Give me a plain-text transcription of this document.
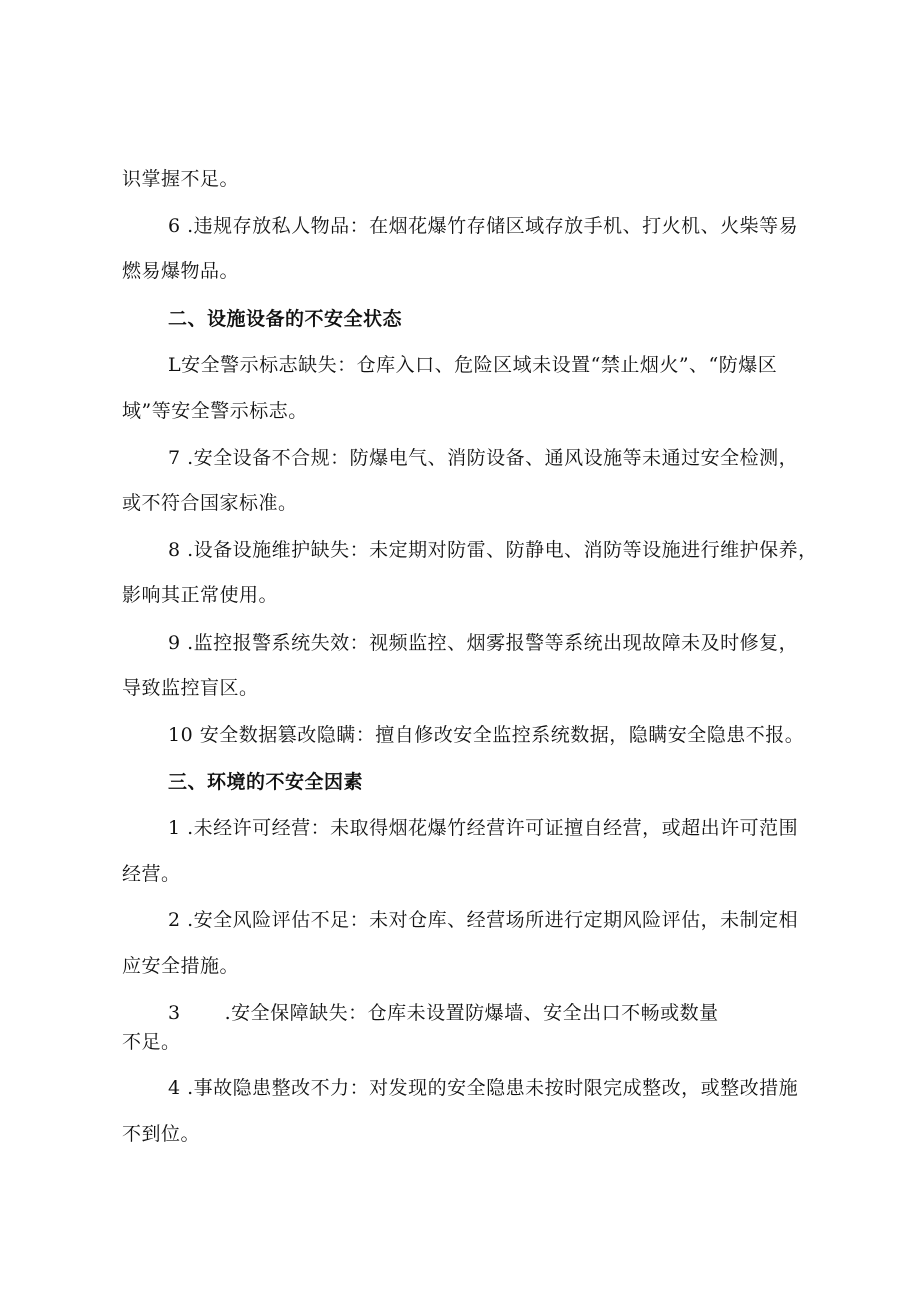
识掌握不足。
6 .违规存放私人物品：在烟花爆竹存储区域存放手机、打火机、火柴等易
燃易爆物品。
二、设施设备的不安全状态
L安全警示标志缺失：仓库入口、危险区域未设置“禁止烟火”、“防爆区
域”等安全警示标志。
7 .安全设备不合规：防爆电气、消防设备、通风设施等未通过安全检测，
或不符合国家标准。
8 .设备设施维护缺失：未定期对防雷、防静电、消防等设施进行维护保养，
影响其正常使用。
9 .监控报警系统失效：视频监控、烟雾报警等系统出现故障未及时修复，
导致监控盲区。
10 安全数据篡改隐瞒：擅自修改安全监控系统数据，隐瞒安全隐患不报。
三、环境的不安全因素
1 .未经许可经营：未取得烟花爆竹经营许可证擅自经营，或超出许可范围
经营。
2 .安全风险评估不足：未对仓库、经营场所进行定期风险评估，未制定相
应安全措施。
3 .安全保障缺失：仓库未设置防爆墙、安全出口不畅或数量
不足。
4 .事故隐患整改不力：对发现的安全隐患未按时限完成整改，或整改措施
不到位。
